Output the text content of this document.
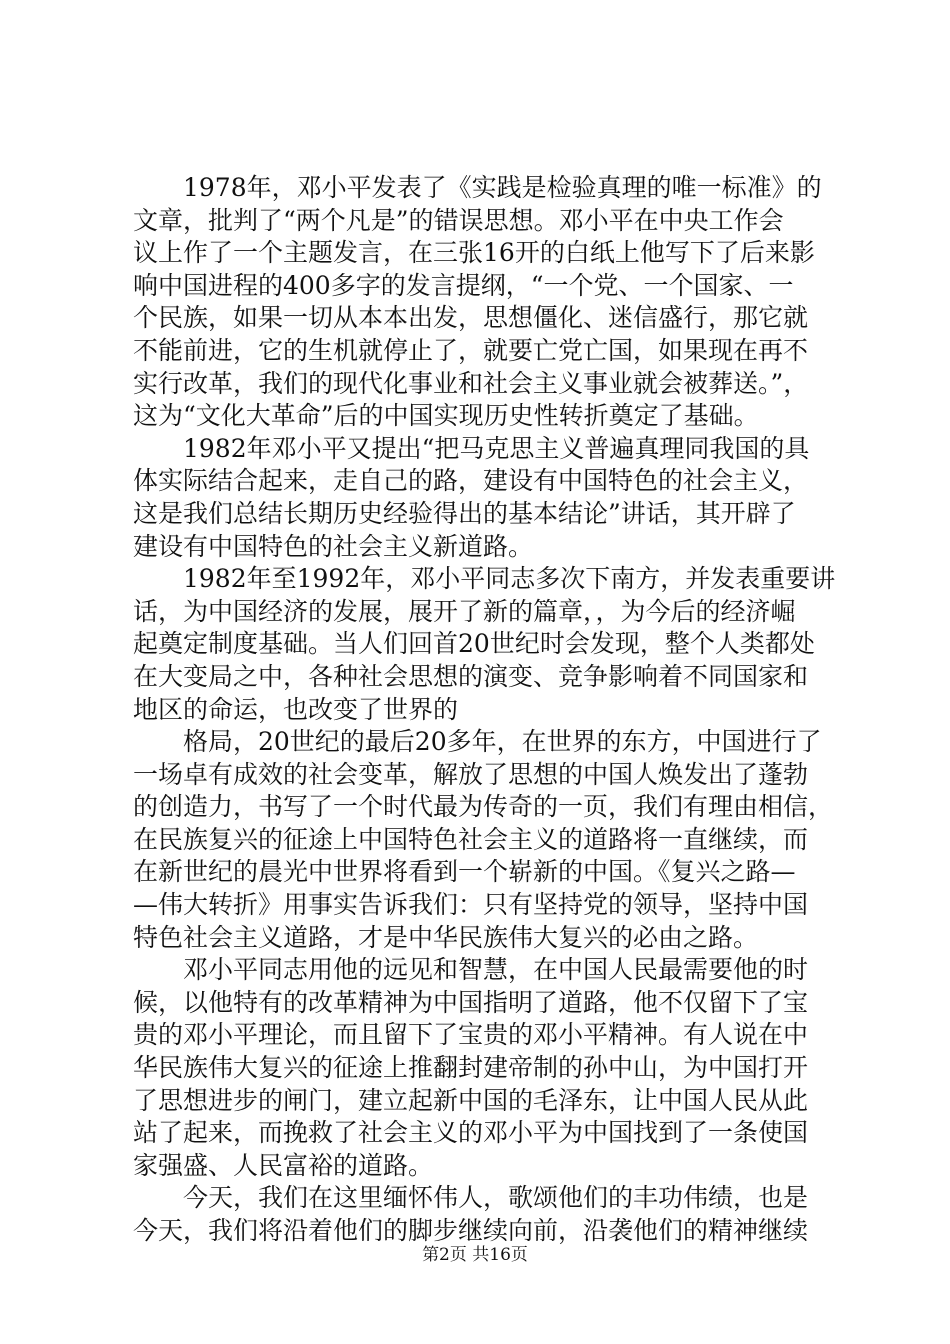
1978年，邓小平发表了《实践是检验真理的唯一标准》的
文章，批判了“两个凡是”的错误思想。邓小平在中央工作会
议上作了一个主题发言，在三张16开的白纸上他写下了后来影
响中国进程的400多字的发言提纲，“一个党、一个国家、一
个民族，如果一切从本本出发，思想僵化、迷信盛行，那它就
不能前进，它的生机就停止了，就要亡党亡国，如果现在再不
实行改革，我们的现代化事业和社会主义事业就会被葬送。”，
这为“文化大革命”后的中国实现历史性转折奠定了基础。
1982年邓小平又提出“把马克思主义普遍真理同我国的具
体实际结合起来，走自己的路，建设有中国特色的社会主义，
这是我们总结长期历史经验得出的基本结论”讲话，其开辟了
建设有中国特色的社会主义新道路。
1982年至1992年，邓小平同志多次下南方，并发表重要讲
话，为中国经济的发展，展开了新的篇章，，为今后的经济崛
起奠定制度基础。当人们回首20世纪时会发现，整个人类都处
在大变局之中，各种社会思想的演变、竞争影响着不同国家和
地区的命运，也改变了世界的
格局，20世纪的最后20多年，在世界的东方，中国进行了
一场卓有成效的社会变革，解放了思想的中国人焕发出了蓬勃
的创造力，书写了一个时代最为传奇的一页，我们有理由相信，
在民族复兴的征途上中国特色社会主义的道路将一直继续，而
在新世纪的晨光中世界将看到一个崭新的中国。《复兴之路—
—伟大转折》用事实告诉我们：只有坚持党的领导，坚持中国
特色社会主义道路，才是中华民族伟大复兴的必由之路。
邓小平同志用他的远见和智慧，在中国人民最需要他的时
候，以他特有的改革精神为中国指明了道路，他不仅留下了宝
贵的邓小平理论，而且留下了宝贵的邓小平精神。有人说在中
华民族伟大复兴的征途上推翻封建帝制的孙中山，为中国打开
了思想进步的闸门，建立起新中国的毛泽东，让中国人民从此
站了起来，而挽救了社会主义的邓小平为中国找到了一条使国
家强盛、人民富裕的道路。
今天，我们在这里缅怀伟人，歌颂他们的丰功伟绩，也是
今天，我们将沿着他们的脚步继续向前，沿袭他们的精神继续
第2页 共16页
